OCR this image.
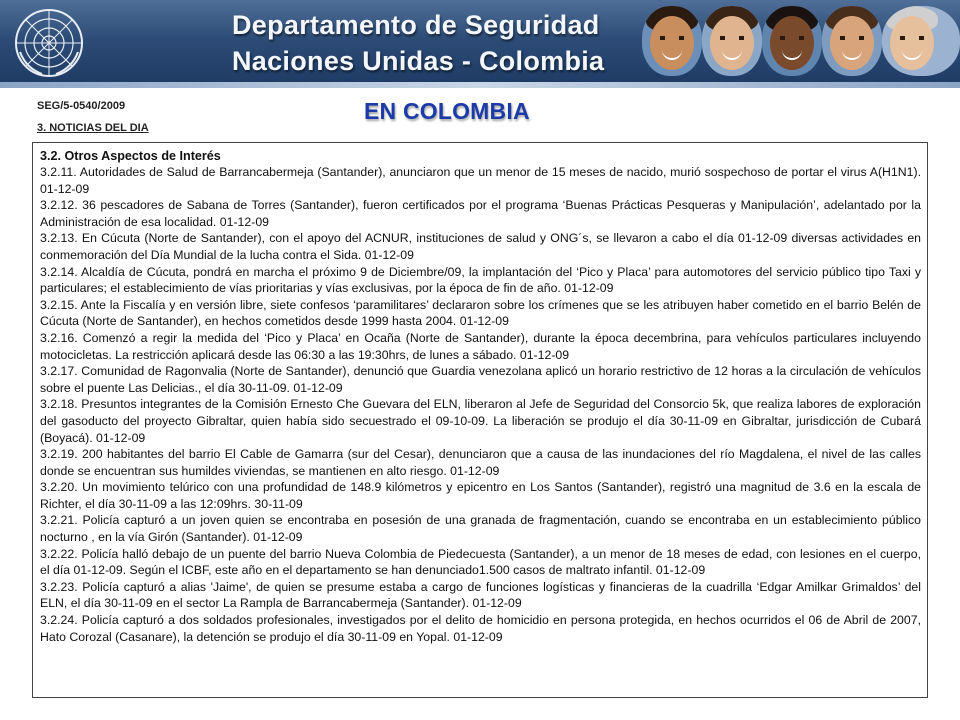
Departamento de Seguridad
Naciones Unidas - Colombia
SEG/5-0540/2009
3. NOTICIAS DEL DIA
EN COLOMBIA
3.2. Otros Aspectos de Interés

3.2.11. Autoridades de Salud de Barrancabermeja (Santander), anunciaron que un menor de 15 meses de nacido, murió sospechoso de portar el virus A(H1N1). 01-12-09

3.2.12. 36 pescadores de Sabana de Torres (Santander), fueron certificados por el programa ‘Buenas Prácticas Pesqueras y Manipulación’, adelantado por la Administración de esa localidad. 01-12-09

3.2.13. En Cúcuta (Norte de Santander), con el apoyo del ACNUR, instituciones de salud y ONG´s, se llevaron a cabo el día 01-12-09 diversas actividades en conmemoración del Día Mundial de la lucha contra el Sida. 01-12-09

3.2.14. Alcaldía de Cúcuta, pondrá en marcha el próximo 9 de Diciembre/09, la implantación del ‘Pico y Placa’ para automotores del servicio público tipo Taxi y particulares; el establecimiento de vías prioritarias y vías exclusivas, por la época de fin de año. 01-12-09

3.2.15. Ante la Fiscalía y en versión libre, siete confesos ‘paramilitares’ declararon sobre los crímenes que se les atribuyen haber cometido en el barrio Belén de Cúcuta (Norte de Santander), en hechos cometidos desde 1999 hasta 2004. 01-12-09

3.2.16. Comenzó a regir la medida del ‘Pico y Placa’ en Ocaña (Norte de Santander), durante la época decembrina, para vehículos particulares incluyendo motocicletas. La restricción aplicará desde las 06:30 a las 19:30hrs, de lunes a sábado. 01-12-09

3.2.17. Comunidad de Ragonvalia (Norte de Santander), denunció que Guardia venezolana aplicó un horario restrictivo de 12 horas a la circulación de vehículos sobre el puente Las Delicias., el día 30-11-09. 01-12-09

3.2.18. Presuntos integrantes de la Comisión Ernesto Che Guevara del ELN, liberaron al Jefe de Seguridad del Consorcio 5k, que realiza labores de exploración del gasoducto del proyecto Gibraltar, quien había sido secuestrado el 09-10-09. La liberación se produjo el día 30-11-09 en Gibraltar, jurisdicción de Cubará (Boyacá). 01-12-09

3.2.19. 200 habitantes del barrio El Cable de Gamarra (sur del Cesar), denunciaron que a causa de las inundaciones del río Magdalena, el nivel de las calles donde se encuentran sus humildes viviendas, se mantienen en alto riesgo. 01-12-09

3.2.20. Un movimiento telúrico con una profundidad de 148.9 kilómetros y epicentro en Los Santos (Santander), registró una magnitud de 3.6 en la escala de Richter, el día 30-11-09 a las 12:09hrs. 30-11-09

3.2.21. Policía capturó a un joven quien se encontraba en posesión de una granada de fragmentación, cuando se encontraba en un establecimiento público nocturno , en la vía Girón (Santander). 01-12-09

3.2.22. Policía halló debajo de un puente del barrio Nueva Colombia de Piedecuesta (Santander), a un menor de 18 meses de edad, con lesiones en el cuerpo, el día 01-12-09. Según el ICBF, este año en el departamento se han denunciado1.500 casos de maltrato infantil. 01-12-09

3.2.23. Policía capturó a alias 'Jaime', de quien se presume estaba a cargo de funciones logísticas y financieras de la cuadrilla ‘Edgar Amilkar Grimaldos’ del ELN, el día 30-11-09 en el sector La Rampla de Barrancabermeja (Santander). 01-12-09

3.2.24. Policía capturó a dos soldados profesionales, investigados por el delito de homicidio en persona protegida, en hechos ocurridos el 06 de Abril de 2007, Hato Corozal (Casanare), la detención se produjo el día 30-11-09 en Yopal. 01-12-09
